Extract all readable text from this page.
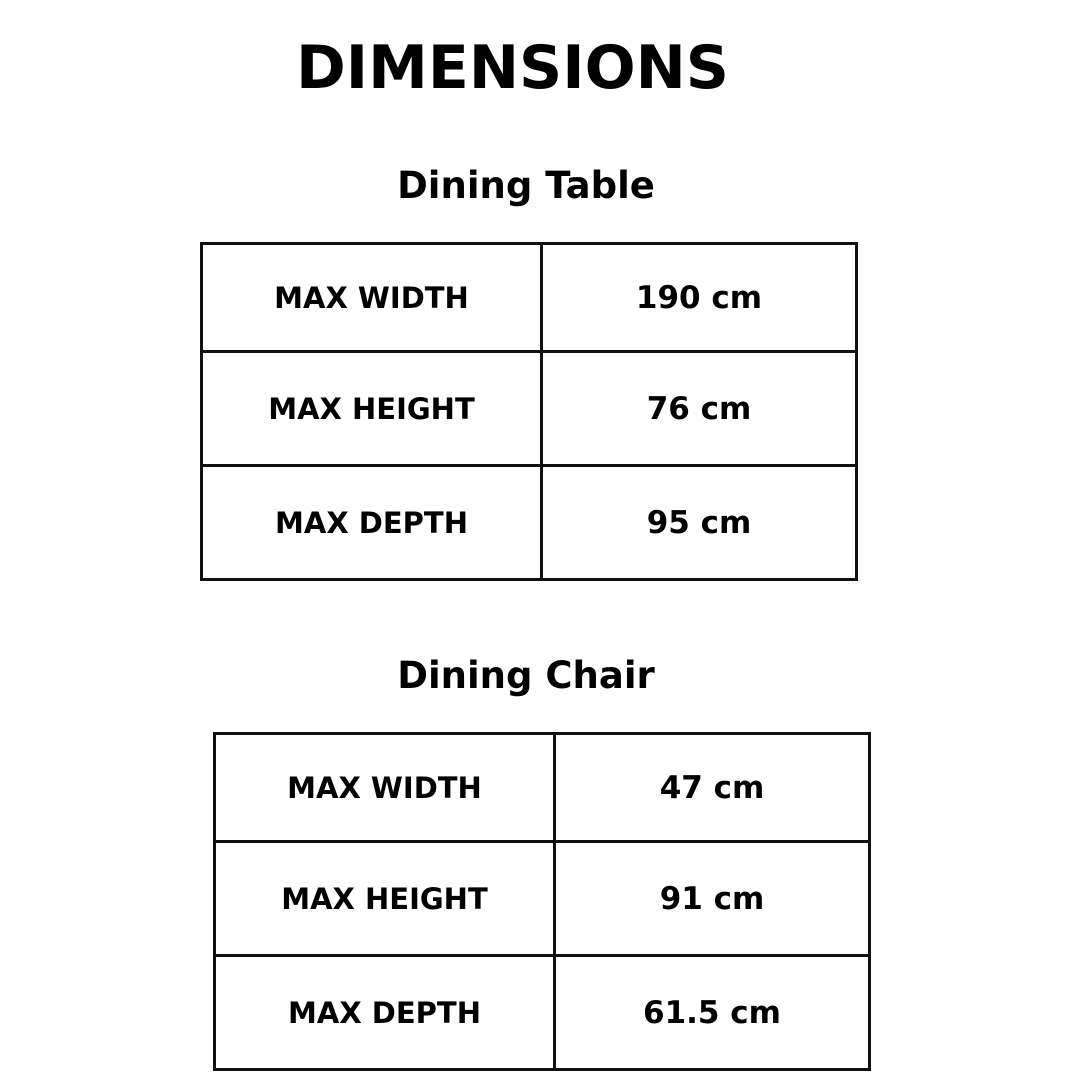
DIMENSIONS
Dining Table
MAX WIDTH	190 cm
MAX HEIGHT	76 cm
MAX DEPTH	95 cm
Dining Chair
MAX WIDTH	47 cm
MAX HEIGHT	91 cm
MAX DEPTH	61.5 cm
